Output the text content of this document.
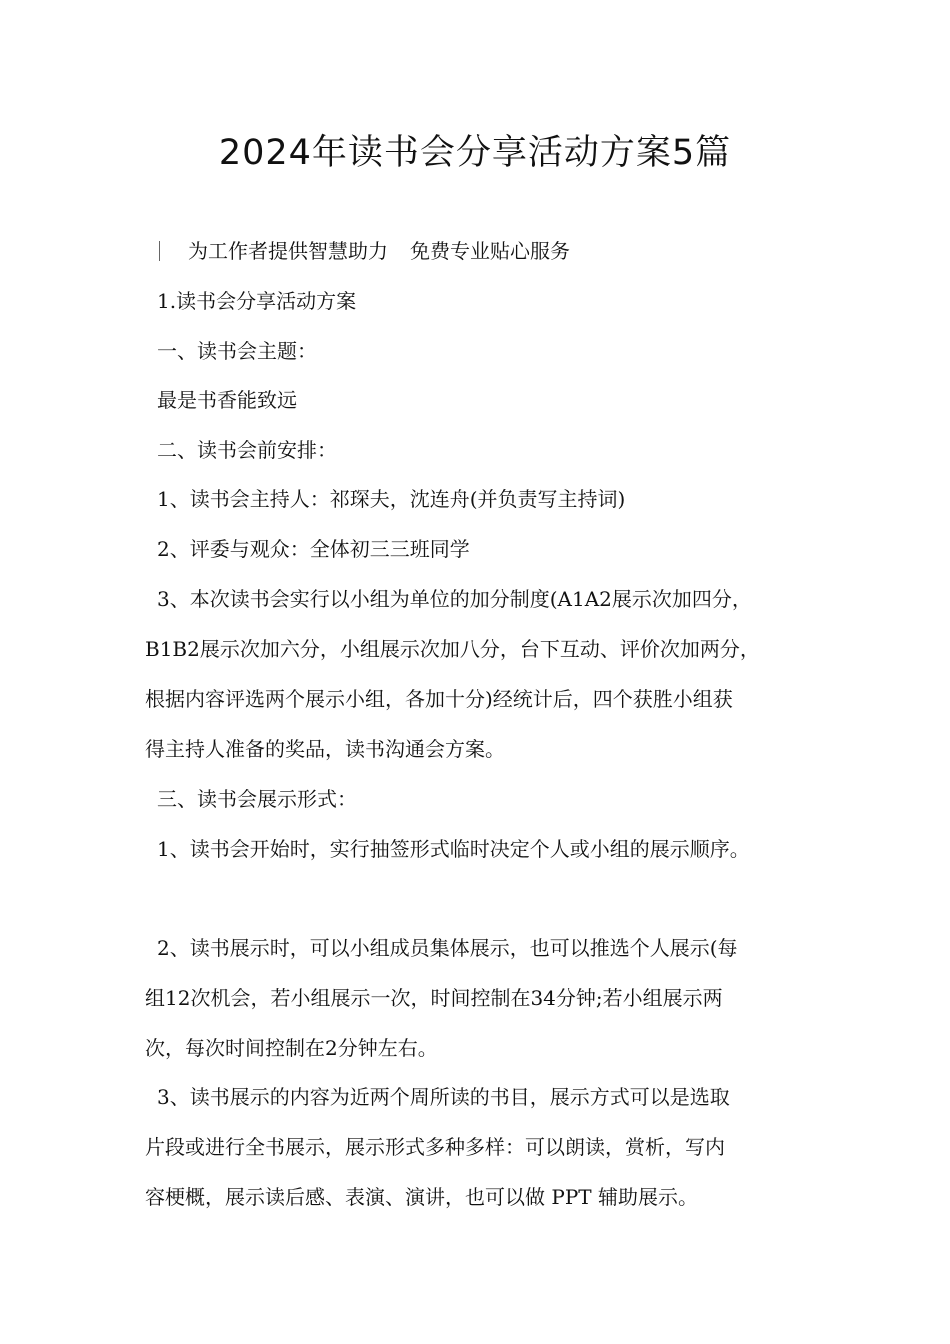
2024年读书会分享活动方案5篇

为工作者提供智慧助力 免费专业贴心服务

1.读书会分享活动方案

一、读书会主题：

最是书香能致远

二、读书会前安排：

1、读书会主持人：祁琛夫，沈连舟(并负责写主持词)

2、评委与观众：全体初三三班同学

3、本次读书会实行以小组为单位的加分制度(A1A2展示次加四分，

B1B2展示次加六分，小组展示次加八分，台下互动、评价次加两分，

根据内容评选两个展示小组，各加十分)经统计后，四个获胜小组获

得主持人准备的奖品，读书沟通会方案。

三、读书会展示形式：

1、读书会开始时，实行抽签形式临时决定个人或小组的展示顺序。

2、读书展示时，可以小组成员集体展示，也可以推选个人展示(每

组12次机会，若小组展示一次，时间控制在34分钟;若小组展示两

次，每次时间控制在2分钟左右。

3、读书展示的内容为近两个周所读的书目，展示方式可以是选取

片段或进行全书展示，展示形式多种多样：可以朗读，赏析，写内

容梗概，展示读后感、表演、演讲，也可以做 PPT 辅助展示。
